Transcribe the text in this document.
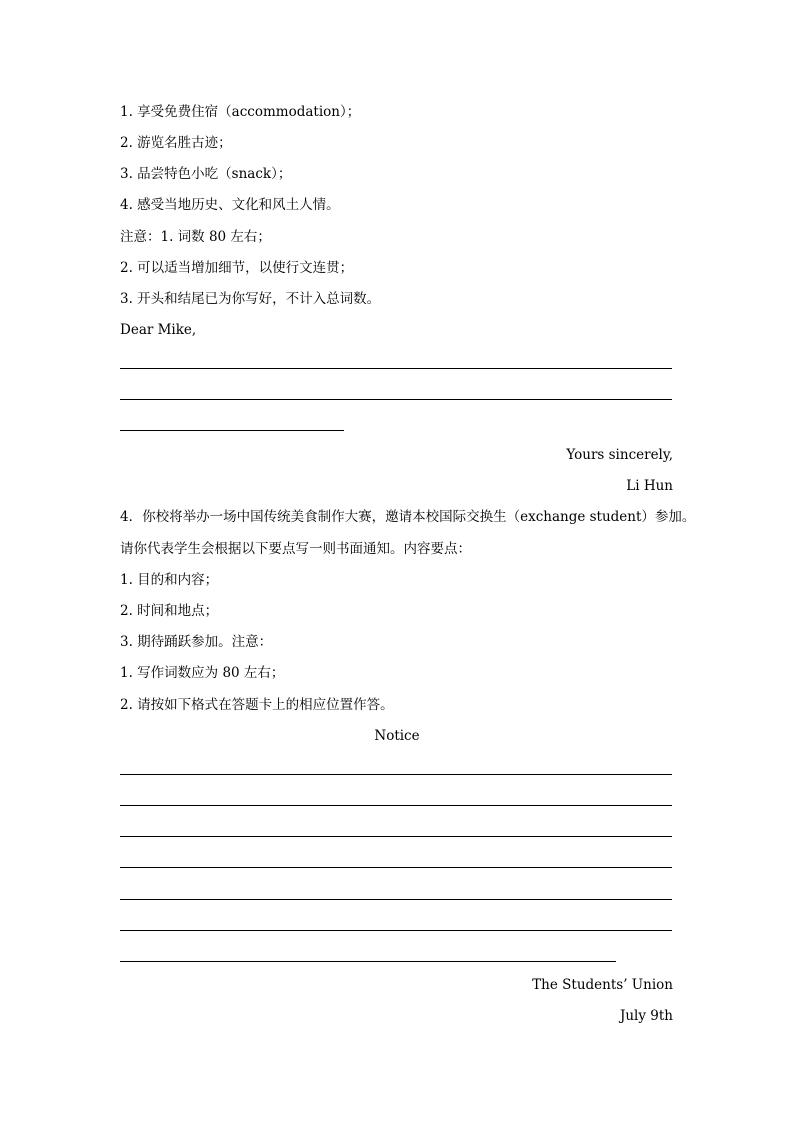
1. 享受免费住宿（accommodation）；
2. 游览名胜古迹；
3. 品尝特色小吃（snack）；
4. 感受当地历史、文化和风土人情。
注意：1. 词数 80 左右；
2. 可以适当增加细节，以使行文连贯；
3. 开头和结尾已为你写好，不计入总词数。
Dear Mike,
Yours sincerely,
Li Hun
4．你校将举办一场中国传统美食制作大赛，邀请本校国际交换生（exchange student）参加。
请你代表学生会根据以下要点写一则书面通知。内容要点：
1. 目的和内容；
2. 时间和地点；
3. 期待踊跃参加。注意：
1. 写作词数应为 80 左右；
2. 请按如下格式在答题卡上的相应位置作答。
Notice
The Students’ Union
July 9th
